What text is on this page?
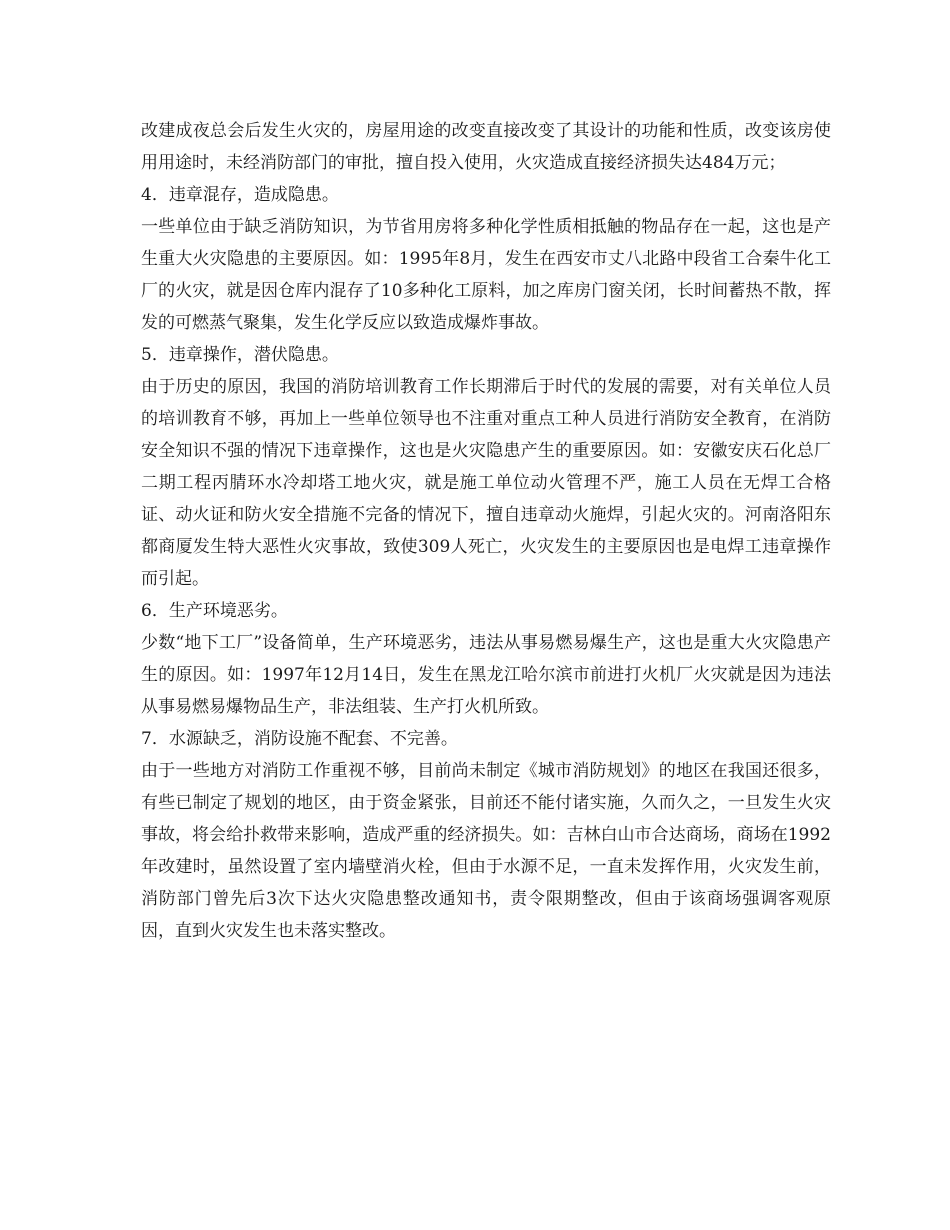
改建成夜总会后发生火灾的，房屋用途的改变直接改变了其设计的功能和性质，改变该房使用用途时，未经消防部门的审批，擅自投入使用，火灾造成直接经济损失达484万元；

4．违章混存，造成隐患。

一些单位由于缺乏消防知识，为节省用房将多种化学性质相抵触的物品存在一起，这也是产生重大火灾隐患的主要原因。如：1995年8月，发生在西安市丈八北路中段省工合秦牛化工厂的火灾，就是因仓库内混存了10多种化工原料，加之库房门窗关闭，长时间蓄热不散，挥发的可燃蒸气聚集，发生化学反应以致造成爆炸事故。

5．违章操作，潜伏隐患。

由于历史的原因，我国的消防培训教育工作长期滞后于时代的发展的需要，对有关单位人员的培训教育不够，再加上一些单位领导也不注重对重点工种人员进行消防安全教育，在消防安全知识不强的情况下违章操作，这也是火灾隐患产生的重要原因。如：安徽安庆石化总厂二期工程丙腈环水冷却塔工地火灾，就是施工单位动火管理不严，施工人员在无焊工合格证、动火证和防火安全措施不完备的情况下，擅自违章动火施焊，引起火灾的。河南洛阳东都商厦发生特大恶性火灾事故，致使309人死亡，火灾发生的主要原因也是电焊工违章操作而引起。

6．生产环境恶劣。

少数“地下工厂”设备简单，生产环境恶劣，违法从事易燃易爆生产，这也是重大火灾隐患产生的原因。如：1997年12月14日，发生在黑龙江哈尔滨市前进打火机厂火灾就是因为违法从事易燃易爆物品生产，非法组装、生产打火机所致。

7．水源缺乏，消防设施不配套、不完善。

由于一些地方对消防工作重视不够，目前尚未制定《城市消防规划》的地区在我国还很多，有些已制定了规划的地区，由于资金紧张，目前还不能付诸实施，久而久之，一旦发生火灾事故，将会给扑救带来影响，造成严重的经济损失。如：吉林白山市合达商场，商场在1992年改建时，虽然设置了室内墙壁消火栓，但由于水源不足，一直未发挥作用，火灾发生前，消防部门曾先后3次下达火灾隐患整改通知书，责令限期整改，但由于该商场强调客观原因，直到火灾发生也未落实整改。
